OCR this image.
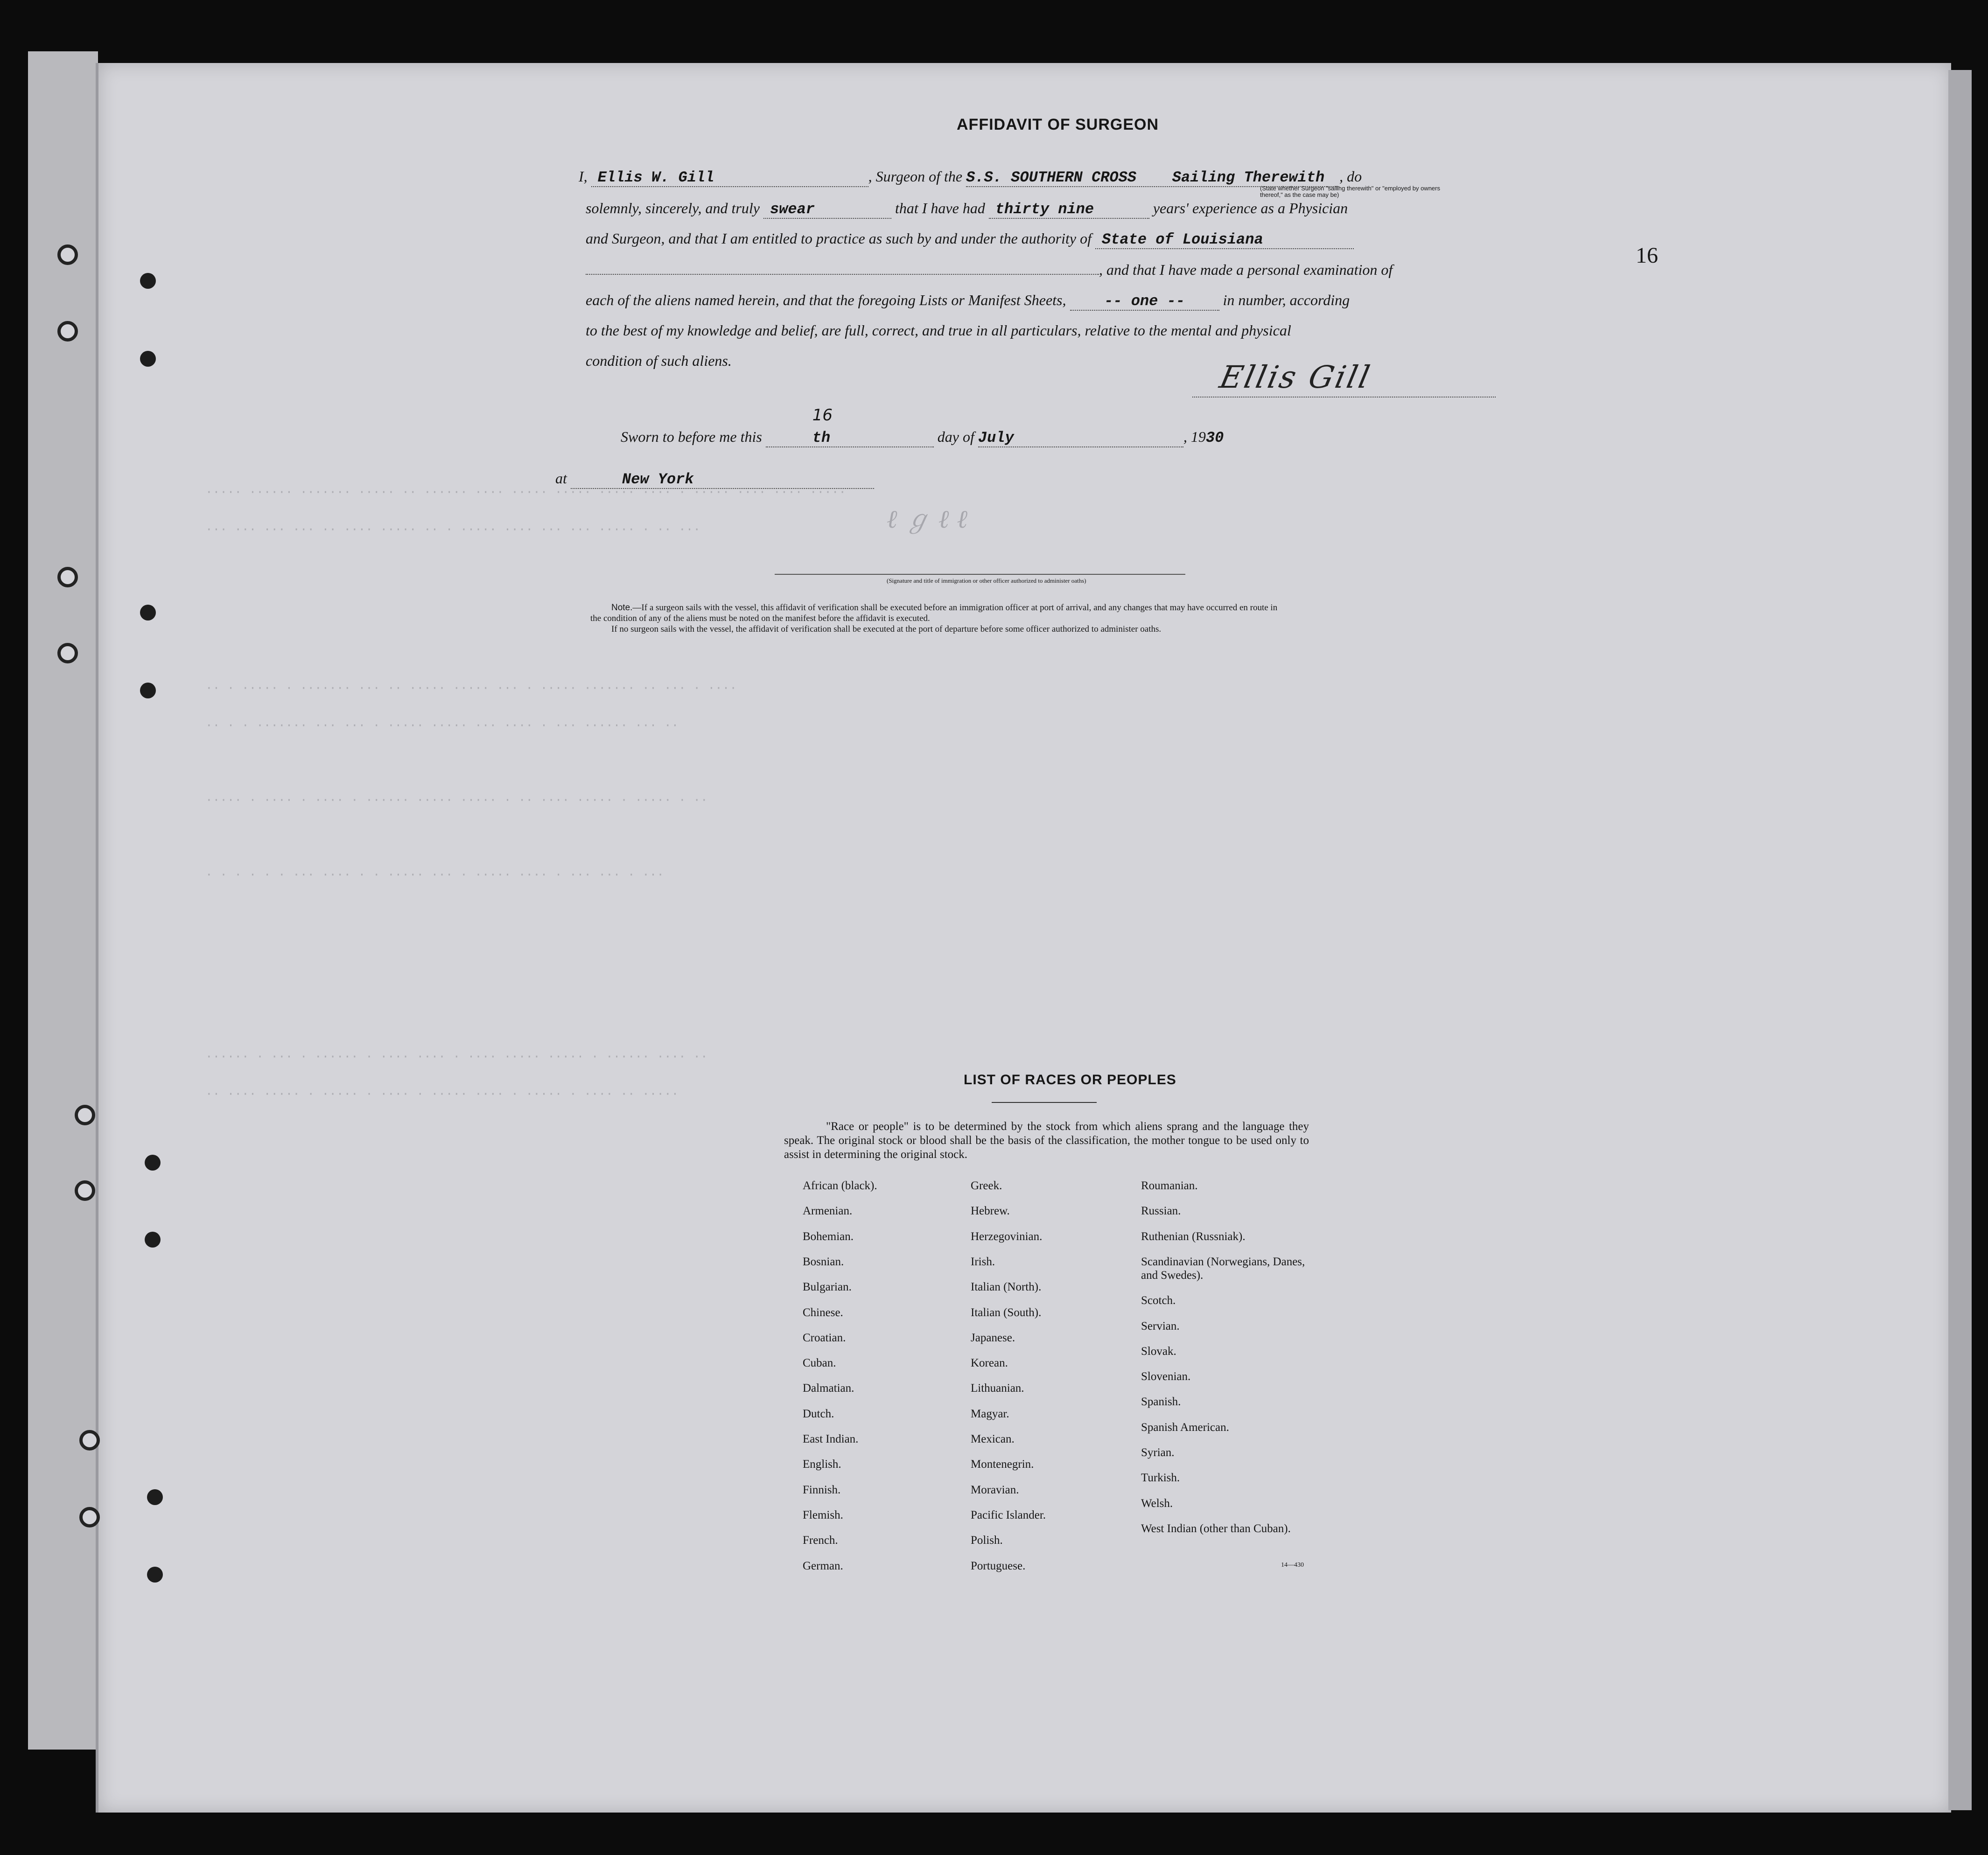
····· ······ ······· ····· ·· ······ ···· ····· ····· ····· ···· · ····· ···· ···· ·····
··· ··· ··· ··· ·· ···· ····· ·· · ····· ···· ··· ··· ····· · ·· ···
·· · ····· · ······· ··· ·· ····· ····· ··· · ····· ······· ·· ··· · ····
·· · · ······· ··· ··· · ····· ····· ··· ···· · ··· ······ ··· ··
····· · ···· · ···· · ······ ····· ····· · ·· ···· ····· · ····· · ··
· · · · · · ··· ···· · · ····· ··· · ····· ···· · ··· ··· · ···
······ · ··· · ······ · ···· ···· · ···· ····· ····· · ······ ···· ··
·· ···· ····· · ····· · ···· · ····· ···· · ····· · ···· ·· ·····
AFFIDAVIT OF SURGEON
I, Ellis W. Gill	, Surgeon of the S.S. SOUTHERN CROSS Sailing Therewith , do
(State whether Surgeon "sailing therewith" or "employed by owners thereof," as the case may be)
solemnly, sincerely, and truly swear	that I have had thirty nine	years' experience as a Physician
and Surgeon, and that I am entitled to practice as such by and under the authority of State of Louisiana
, and that I have made a personal examination of
each of the aliens named herein, and that the foregoing Lists or Manifest Sheets,	-- one --	in number, according
to the best of my knowledge and belief, are full, correct, and true in all particulars, relative to the mental and physical
condition of such aliens.	Ellis Gill
Sworn to before me this
16
th	day of July	, 1930
at	New York
ℓ ℊ ℓ ℓ
(Signature and title of immigration or other officer authorized to administer oaths)
Note.—If a surgeon sails with the vessel, this affidavit of verification shall be executed before an immigration officer at port of arrival, and any changes that may have occurred en route in
the condition of any of the aliens must be noted on the manifest before the affidavit is executed.
If no surgeon sails with the vessel, the affidavit of verification shall be executed at the port of departure before some officer authorized to administer oaths.
16
LIST OF RACES OR PEOPLES
"Race or people" is to be determined by the stock from which aliens sprang and the language they speak. The original stock or blood shall be the basis of the classification, the mother tongue to be used only to assist in determining the original stock.
African (black).
Armenian.
Bohemian.
Bosnian.
Bulgarian.
Chinese.
Croatian.
Cuban.
Dalmatian.
Dutch.
East Indian.
English.
Finnish.
Flemish.
French.
German.
Greek.
Hebrew.
Herzegovinian.
Irish.
Italian (North).
Italian (South).
Japanese.
Korean.
Lithuanian.
Magyar.
Mexican.
Montenegrin.
Moravian.
Pacific Islander.
Polish.
Portuguese.
Roumanian.
Russian.
Ruthenian (Russniak).
Scandinavian (Norwegians, Danes, and Swedes).
Scotch.
Servian.
Slovak.
Slovenian.
Spanish.
Spanish American.
Syrian.
Turkish.
Welsh.
West Indian (other than Cuban).
14—430
